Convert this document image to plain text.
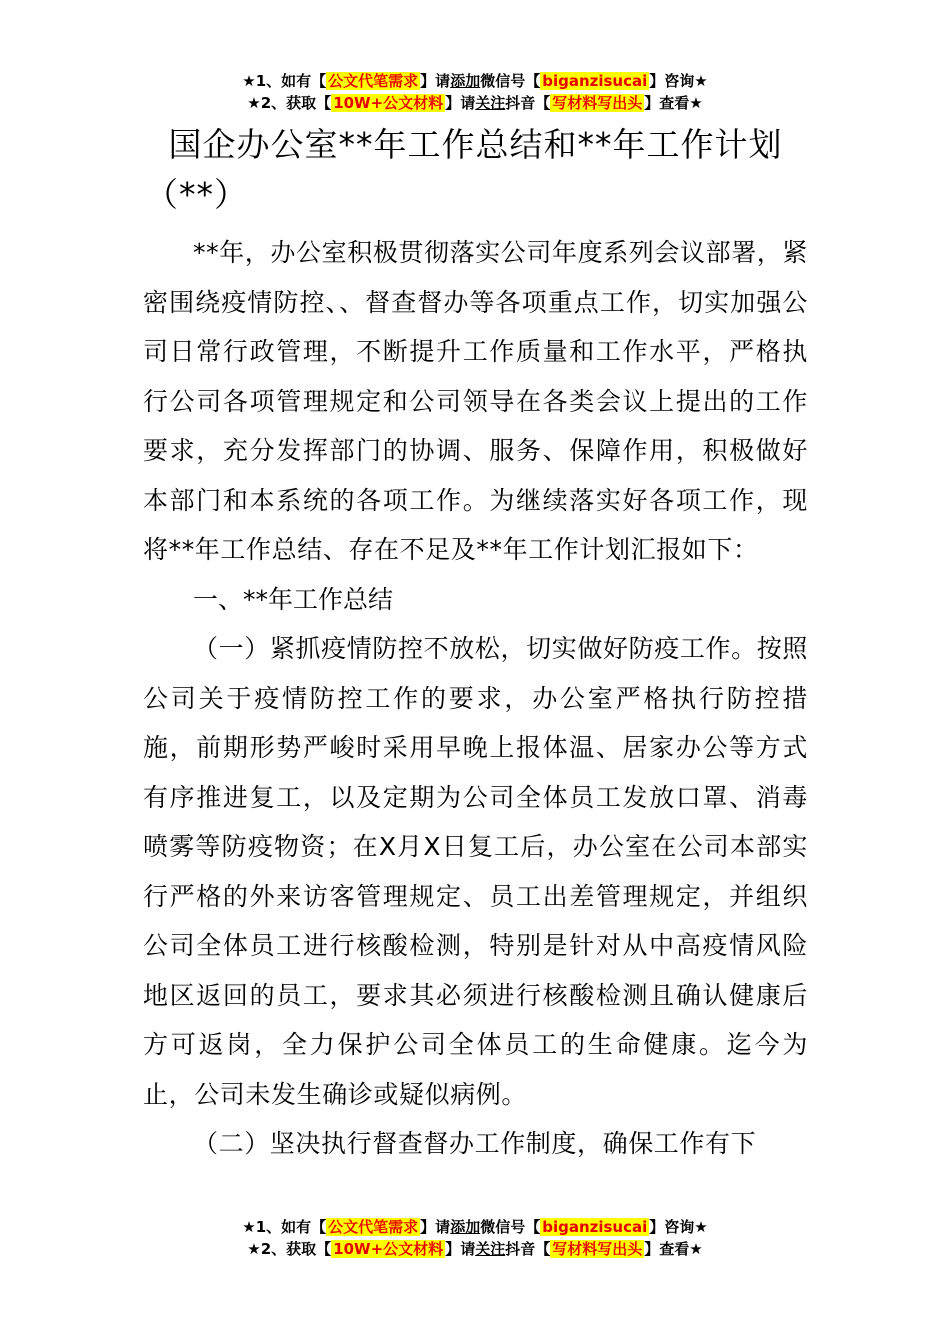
★1、如有【 公文代笔需求 】请添加微信号【 biganzisucai 】咨询★
★2、获取【 10W+公文材料 】请关注抖音【 写材料写出头 】查看★
国企办公室**年工作总结和**年工作计划
（**）

**年，办公室积极贯彻落实公司年度系列会议部署，紧密围绕疫情防控、、督查督办等各项重点工作，切实加强公司日常行政管理，不断提升工作质量和工作水平，严格执行公司各项管理规定和公司领导在各类会议上提出的工作要求，充分发挥部门的协调、服务、保障作用，积极做好本部门和本系统的各项工作。为继续落实好各项工作，现将**年工作总结、存在不足及**年工作计划汇报如下：

一、**年工作总结

（一）紧抓疫情防控不放松，切实做好防疫工作。按照公司关于疫情防控工作的要求，办公室严格执行防控措施，前期形势严峻时采用早晚上报体温、居家办公等方式有序推进复工，以及定期为公司全体员工发放口罩、消毒喷雾等防疫物资；在X月X日复工后，办公室在公司本部实行严格的外来访客管理规定、员工出差管理规定，并组织公司全体员工进行核酸检测，特别是针对从中高疫情风险地区返回的员工，要求其必须进行核酸检测且确认健康后方可返岗，全力保护公司全体员工的生命健康。迄今为止，公司未发生确诊或疑似病例。

（二）坚决执行督查督办工作制度，确保工作有下

★1、如有【 公文代笔需求 】请添加微信号【 biganzisucai 】咨询★
★2、获取【 10W+公文材料 】请关注抖音【 写材料写出头 】查看★
